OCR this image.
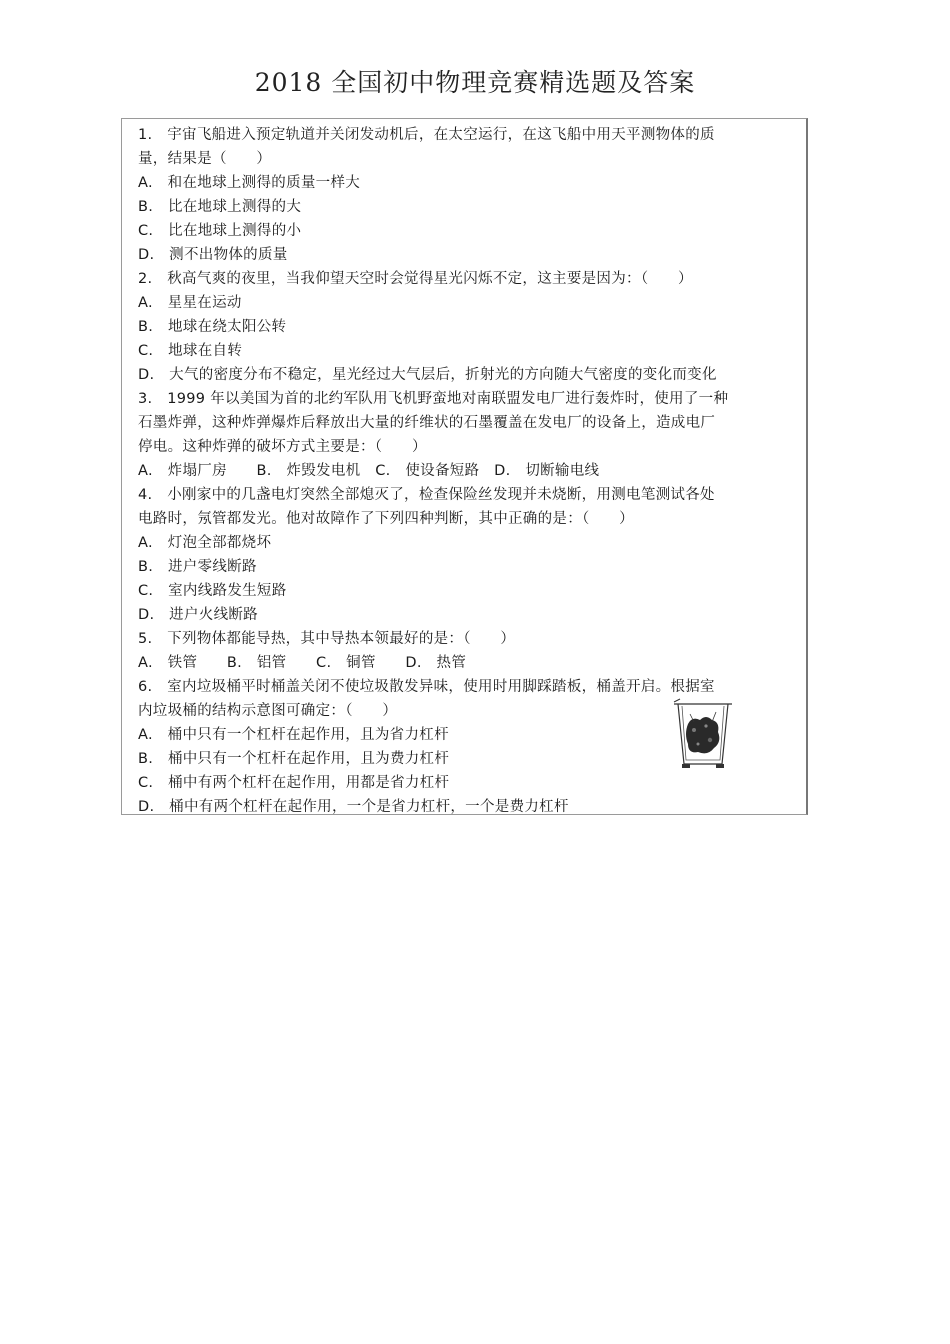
2018 全国初中物理竞赛精选题及答案
1.　宇宙飞船进入预定轨道并关闭发动机后，在太空运行，在这飞船中用天平测物体的质
量，结果是（　　）
A.　和在地球上测得的质量一样大
B.　比在地球上测得的大
C.　比在地球上测得的小
D.　测不出物体的质量
2.　秋高气爽的夜里，当我仰望天空时会觉得星光闪烁不定，这主要是因为：（　　）
A.　星星在运动
B.　地球在绕太阳公转
C.　地球在自转
D.　大气的密度分布不稳定，星光经过大气层后，折射光的方向随大气密度的变化而变化
3.　1999 年以美国为首的北约军队用飞机野蛮地对南联盟发电厂进行轰炸时，使用了一种
石墨炸弹，这种炸弹爆炸后释放出大量的纤维状的石墨覆盖在发电厂的设备上，造成电厂
停电。这种炸弹的破坏方式主要是：（　　）
A.　炸塌厂房　　B.　炸毁发电机　C.　使设备短路　D.　切断输电线
4.　小刚家中的几盏电灯突然全部熄灭了，检查保险丝发现并未烧断，用测电笔测试各处
电路时，氖管都发光。他对故障作了下列四种判断，其中正确的是：（　　）
A.　灯泡全部都烧坏
B.　进户零线断路
C.　室内线路发生短路
D.　进户火线断路
5.　下列物体都能导热，其中导热本领最好的是：（　　）
A.　铁管　　B.　铝管　　C.　铜管　　D.　热管
6.　室内垃圾桶平时桶盖关闭不使垃圾散发异味，使用时用脚踩踏板，桶盖开启。根据室
内垃圾桶的结构示意图可确定：（　　）
A.　桶中只有一个杠杆在起作用，且为省力杠杆
B.　桶中只有一个杠杆在起作用，且为费力杠杆
C.　桶中有两个杠杆在起作用，用都是省力杠杆
D.　桶中有两个杠杆在起作用，一个是省力杠杆，一个是费力杠杆
